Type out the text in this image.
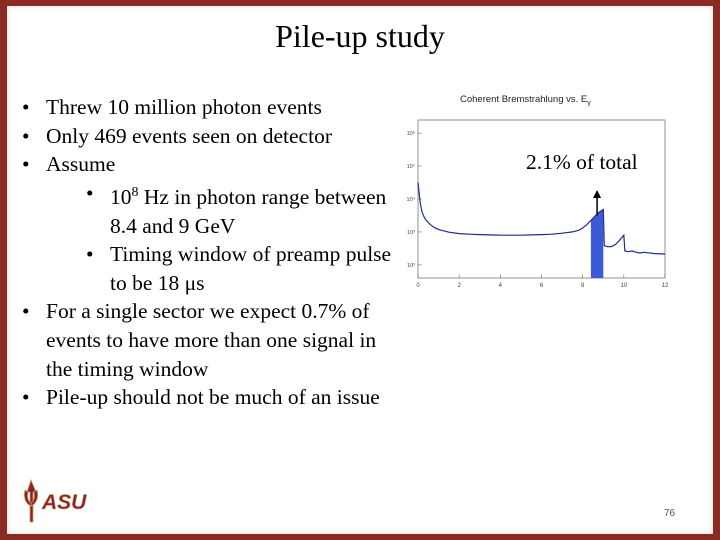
Pile-up study
• Threw 10 million photon events
• Only 469 events seen on detector
• Assume
• $10^8$ Hz in photon range between 8.4 and 9 GeV
• Timing window of preamp pulse to be 18 μs
• For a single sector we expect 0.7% of events to have more than one signal in the timing window
• Pile-up should not be much of an issue
Coherent Bremstrahlung vs. $E_\gamma$
0	2	4	6	8	10	12
10⁶
10⁵
10⁴
10³
10²
2.1% of total
ASU	76
